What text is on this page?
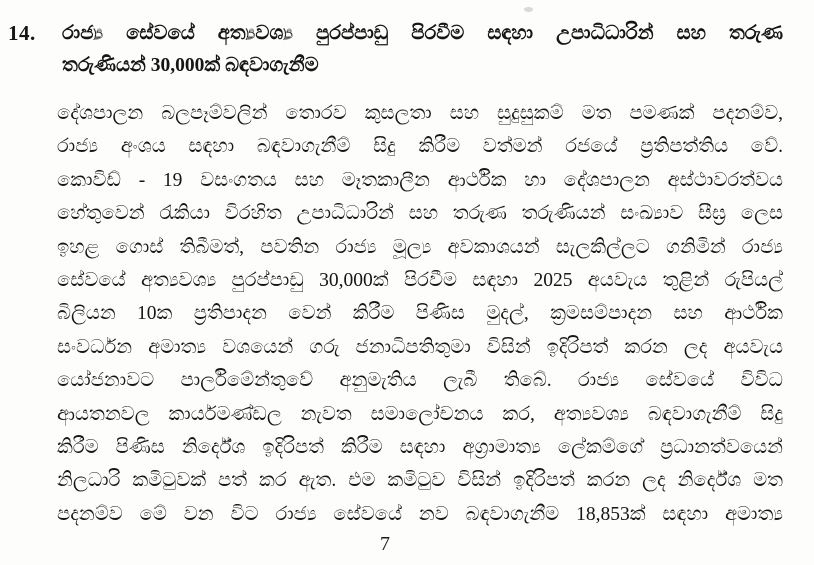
14.	රාජ්‍ය සේවයේ අත්‍යවශ්‍ය පුරප්පාඩු පිරවීම සඳහා උපාධිධාරින් සහ තරුණ
තරුණියන් 30,000ක් බඳවාගැනීම
දේශපාලන බලපෑම්වලින් තොරව කුසලතා සහ සුදුසුකම් මත පමණක් පදනම්ව,
රාජ්‍ය අංශය සඳහා බඳවාගැනීම් සිදු කිරීම වත්මන් රජයේ ප්‍රතිපත්තිය වේ.
කොවිඩ් - 19 වසංගතය සහ මෑතකාලීන ආර්ථික හා දේශපාලන අස්ථාවරත්වය
හේතුවෙන් රැකියා විරහිත උපාධිධාරින් සහ තරුණ තරුණියන් සංඛ්‍යාව සීඝ්‍ර ලෙස
ඉහළ ගොස් තිබීමත්, පවතින රාජ්‍ය මූල්‍ය අවකාශයන් සැලකිල්ලට ගනිමින් රාජ්‍ය
සේවයේ අත්‍යවශ්‍ය පුරප්පාඩු 30,000ක් පිරවීම සඳහා 2025 අයවැය තුළින් රුපියල්
බිලියන 10ක ප්‍රතිපාදන වෙන් කිරීම පිණිස මුදල්, ක්‍රමසම්පාදන සහ ආර්ථික
සංවර්ධන අමාත්‍ය වශයෙන් ගරු ජනාධිපතිතුමා විසින් ඉදිරිපත් කරන ලද අයවැය
යෝජනාවට පාර්ලිමේන්තුවේ අනුමැතිය ලැබී තිබේ. රාජ්‍ය සේවයේ විවිධ
ආයතනවල කාර්යමණ්ඩල නැවත සමාලෝචනය කර, අත්‍යවශ්‍ය බඳවාගැනීම් සිදු
කිරීම පිණිස නිර්දේශ ඉදිරිපත් කිරීම සඳහා අග්‍රාමාත්‍ය ලේකම්ගේ ප්‍රධානත්වයෙන්
නිලධාරි කමිටුවක් පත් කර ඇත. එම කමිටුව විසින් ඉදිරිපත් කරන ලද නිර්දේශ මත
පදනම්ව මේ වන විට රාජ්‍ය සේවයේ නව බඳවාගැනීම 18,853ක් සඳහා අමාත්‍ය
7
